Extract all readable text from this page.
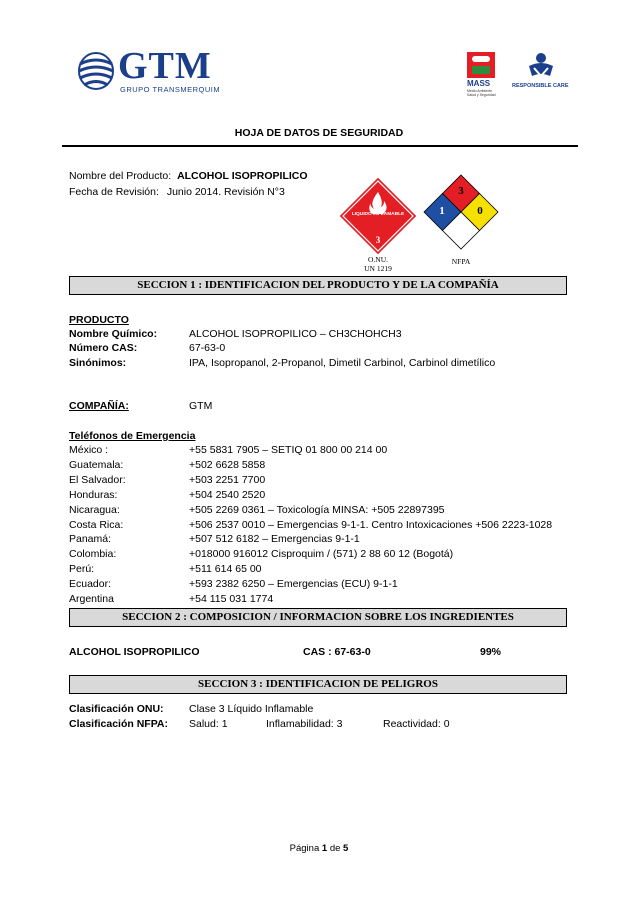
GTM
GRUPO TRANSMERQUIM
MASS
Medio Ambiente Salud y Seguridad
RESPONSIBLE CARE
HOJA DE DATOS DE SEGURIDAD
Nombre del Producto: ALCOHOL ISOPROPILICO
Fecha de Revisión: Junio 2014. Revisión N°3
LIQUIDO INFLAMABLE
3
O.NU.
UN 1219
3
1	0
NFPA
SECCION 1 : IDENTIFICACION DEL PRODUCTO Y DE LA COMPAÑÍA
PRODUCTO
Nombre Químico:	ALCOHOL ISOPROPILICO – CH3CHOHCH3
Número CAS:	67-63-0
Sinónimos:	IPA, Isopropanol, 2-Propanol, Dimetil Carbinol, Carbinol dimetílico
COMPAÑÍA:	GTM
Teléfonos de Emergencia
México :	+55 5831 7905 – SETIQ 01 800 00 214 00
Guatemala:	+502 6628 5858
El Salvador:	+503 2251 7700
Honduras:	+504 2540 2520
Nicaragua:	+505 2269 0361 – Toxicología MINSA: +505 22897395
Costa Rica:	+506 2537 0010 – Emergencias 9-1-1. Centro Intoxicaciones +506 2223-1028
Panamá:	+507 512 6182 – Emergencias 9-1-1
Colombia:	+018000 916012 Cisproquim / (571) 2 88 60 12 (Bogotá)
Perú:	+511 614 65 00
Ecuador:	+593 2382 6250 – Emergencias (ECU) 9-1-1
Argentina	+54 115 031 1774
SECCION 2 : COMPOSICION / INFORMACION SOBRE LOS INGREDIENTES
ALCOHOL ISOPROPILICO	CAS : 67-63-0	99%
SECCION 3 : IDENTIFICACION DE PELIGROS
Clasificación ONU: Clase 3 Líquido Inflamable
Clasificación NFPA: Salud: 1	Inflamabilidad: 3	Reactividad: 0
Página 1 de 5
